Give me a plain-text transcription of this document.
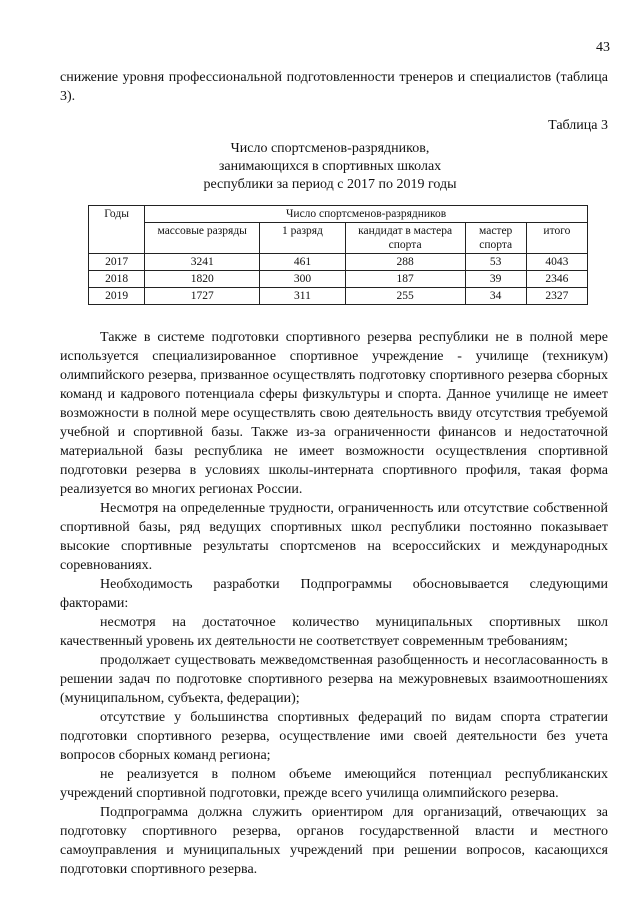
43

снижение уровня профессиональной подготовленности тренеров и специалистов (таблица 3).

Таблица 3
Число спортсменов-разрядников,
занимающихся в спортивных школах
республики за период с 2017 по 2019 годы
Годы	Число спортсменов-разрядников				
	массовые разряды	1 разряд	кандидат в мастера спорта	мастер спорта	итого
2017	3241	461	288	53	4043
2018	1820	300	187	39	2346
2019	1727	311	255	34	2327

Также в системе подготовки спортивного резерва республики не в полной мере используется специализированное спортивное учреждение - училище (техникум) олимпийского резерва, призванное осуществлять подготовку спортивного резерва сборных команд и кадрового потенциала сферы физкультуры и спорта. Данное училище не имеет возможности в полной мере осуществлять свою деятельность ввиду отсутствия требуемой учебной и спортивной базы. Также из-за ограниченности финансов и недостаточной материальной базы республика не имеет возможности осуществления спортивной подготовки резерва в условиях школы-интерната спортивного профиля, такая форма реализуется во многих регионах России.

Несмотря на определенные трудности, ограниченность или отсутствие собственной спортивной базы, ряд ведущих спортивных школ республики постоянно показывает высокие спортивные результаты спортсменов на всероссийских и международных соревнованиях.

Необходимость разработки Подпрограммы обосновывается следующими факторами:

несмотря на достаточное количество муниципальных спортивных школ качественный уровень их деятельности не соответствует современным требованиям;

продолжает существовать межведомственная разобщенность и несогласованность в решении задач по подготовке спортивного резерва на межуровневых взаимоотношениях (муниципальном, субъекта, федерации);

отсутствие у большинства спортивных федераций по видам спорта стратегии подготовки спортивного резерва, осуществление ими своей деятельности без учета вопросов сборных команд региона;

не реализуется в полном объеме имеющийся потенциал республиканских учреждений спортивной подготовки, прежде всего училища олимпийского резерва.

Подпрограмма должна служить ориентиром для организаций, отвечающих за подготовку спортивного резерва, органов государственной власти и местного самоуправления и муниципальных учреждений при решении вопросов, касающихся подготовки спортивного резерва.
